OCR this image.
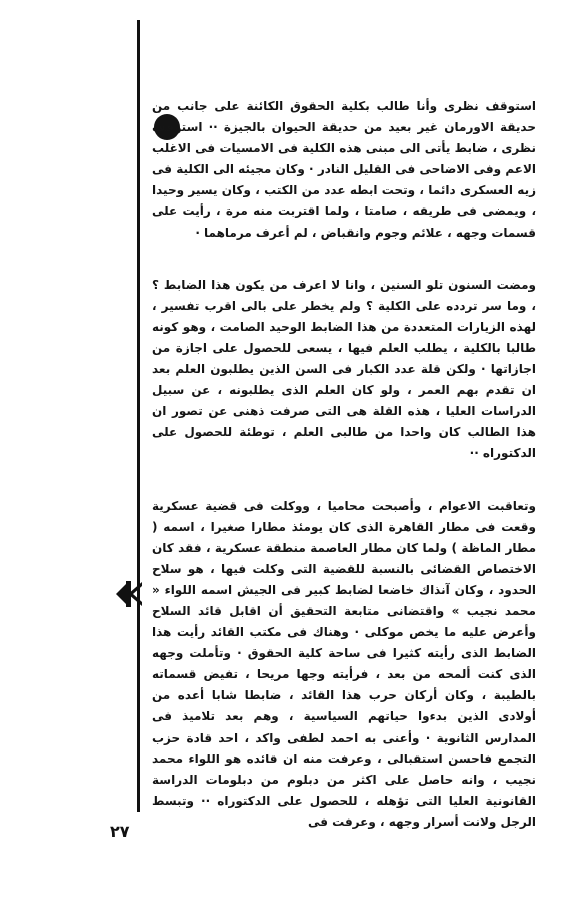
استوقف نظرى وأنا طالب بكلية الحقوق الكائنة على جانب من حديقة الاورمان غير بعيد من حديقة الحيوان بالجيزة ·· استوقف نظرى ، ضابط يأتى الى مبنى هذه الكلية فى الامسيات فى الاغلب الاعم وفى الاضاحى فى القليل النادر · وكان مجيئه الى الكلية فى زيه العسكرى دائما ، وتحت ابطه عدد من الكتب ، وكان يسير وحيدا ، ويمضى فى طريقه ، صامتا ، ولما اقتربت منه مرة ، رأيت على قسمات وجهه ، علائم وجوم وانقباض ، لم أعرف مرماهما ·

ومضت السنون تلو السنين ، وانا لا اعرف من يكون هذا الضابط ؟ ، وما سر تردده على الكلية ؟ ولم يخطر على بالى اقرب تفسير ، لهذه الزيارات المتعددة من هذا الضابط الوحيد الصامت ، وهو كونه طالبا بالكلية ، يطلب العلم فيها ، يسعى للحصول على اجازة من اجازاتها · ولكن قلة عدد الكبار فى السن الذين يطلبون العلم بعد ان تقدم بهم العمر ، ولو كان العلم الذى يطلبونه ، عن سبيل الدراسات العليا ، هذه القلة هى التى صرفت ذهنى عن تصور ان هذا الطالب كان واحدا من طالبى العلم ، توطئة للحصول على الدكتوراه ··

وتعاقبت الاعوام ، وأصبحت محاميا ، ووكلت فى قضية عسكرية وقعت فى مطار القاهرة الذى كان يومئذ مطارا صغيرا ، اسمه ( مطار الماظة ) ولما كان مطار العاصمة منطقة عسكرية ، فقد كان الاختصاص القضائى بالنسبة للقضية التى وكلت فيها ، هو سلاح الحدود ، وكان آنذاك خاضعا لضابط كبير فى الجيش اسمه اللواء « محمد نجيب » واقتضانى متابعة التحقيق أن اقابل قائد السلاح وأعرض عليه ما يخص موكلى · وهناك فى مكتب القائد رأيت هذا الضابط الذى رأيته كثيرا فى ساحة كلية الحقوق · وتأملت وجهه الذى كنت ألمحه من بعد ، فرأيته وجها مريحا ، تفيض قسماته بالطيبة ، وكان أركان حرب هذا القائد ، ضابطا شابا أعده من أولادى الذين بدءوا حياتهم السياسية ، وهم بعد تلاميذ فى المدارس الثانوية · وأعنى به احمد لطفى واكد ، احد قادة حزب التجمع فاحسن استقبالى ، وعرفت منه ان قائده هو اللواء محمد نجيب ، وانه حاصل على اكثر من دبلوم من دبلومات الدراسة القانونية العليا التى تؤهله ، للحصول على الدكتوراه ·· وتبسط الرجل ولانت أسرار وجهه ، وعرفت فى

٢٧
